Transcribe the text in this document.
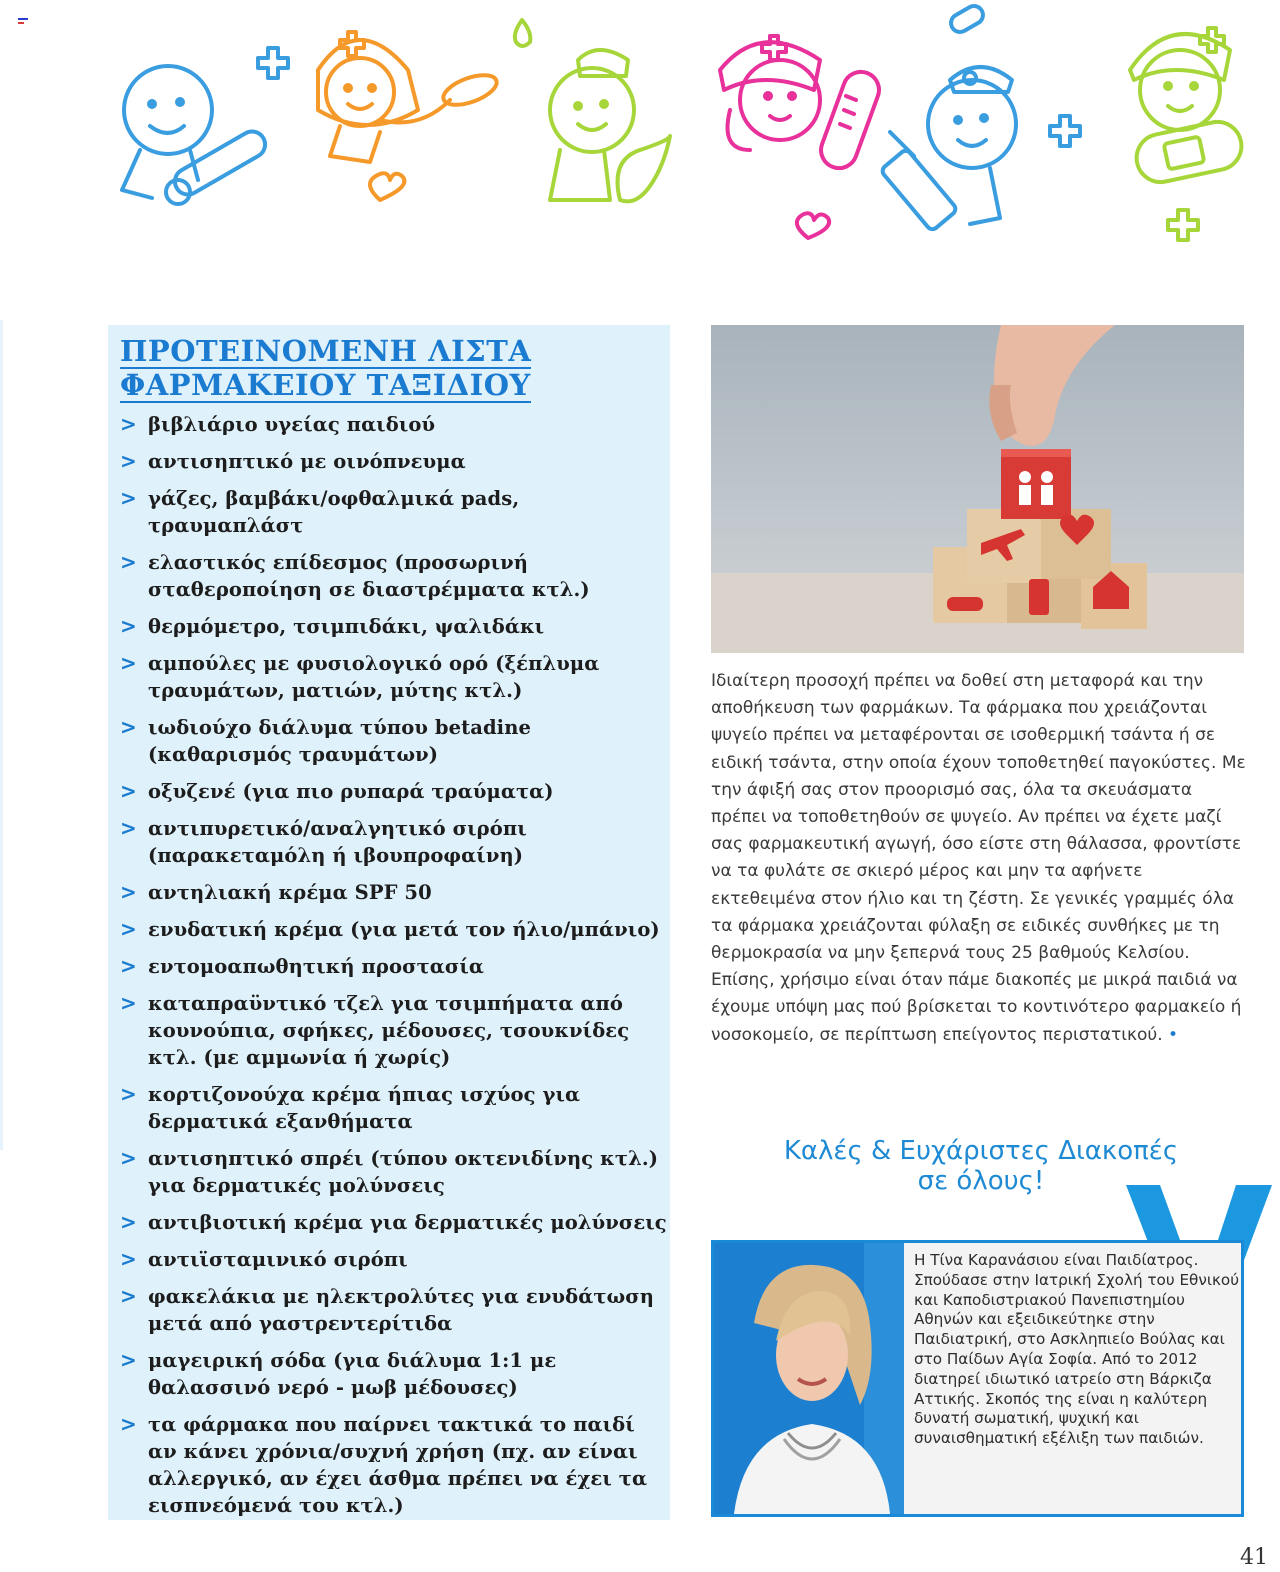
ΠΡΟΤΕΙΝΟΜΕΝΗ ΛΙΣΤΑ
ΦΑΡΜΑΚΕΙΟΥ ΤΑΞΙΔΙΟΥ
> βιβλιάριο υγείας παιδιού
> αντισηπτικό με οινόπνευμα
> γάζες, βαμβάκι/οφθαλμικά pads, τραυμαπλάστ
> ελαστικός επίδεσμος (προσωρινή σταθεροποίηση σε διαστρέμματα κτλ.)
> θερμόμετρο, τσιμπιδάκι, ψαλιδάκι
> αμπούλες με φυσιολογικό ορό (ξέπλυμα τραυμάτων, ματιών, μύτης κτλ.)
> ιωδιούχο διάλυμα τύπου betadine (καθαρισμός τραυμάτων)
> οξυζενέ (για πιο ρυπαρά τραύματα)
> αντιπυρετικό/αναλγητικό σιρόπι (παρακεταμόλη ή ιβουπροφαίνη)
> αντηλιακή κρέμα SPF 50
> ενυδατική κρέμα (για μετά τον ήλιο/μπάνιο)
> εντομοαπωθητική προστασία
> καταπραϋντικό τζελ για τσιμπήματα από κουνούπια, σφήκες, μέδουσες, τσουκνίδες κτλ. (με αμμωνία ή χωρίς)
> κορτιζονούχα κρέμα ήπιας ισχύος για δερματικά εξανθήματα
> αντισηπτικό σπρέι (τύπου οκτενιδίνης κτλ.) για δερματικές μολύνσεις
> αντιβιοτική κρέμα για δερματικές μολύνσεις
> αντιϊσταμινικό σιρόπι
> φακελάκια με ηλεκτρολύτες για ενυδάτωση μετά από γαστρεντερίτιδα
> μαγειρική σόδα (για διάλυμα 1:1 με θαλασσινό νερό - μωβ μέδουσες)
> τα φάρμακα που παίρνει τακτικά το παιδί αν κάνει χρόνια/συχνή χρήση (πχ. αν είναι αλλεργικό, αν έχει άσθμα πρέπει να έχει τα εισπνεόμενά του κτλ.)
Ιδιαίτερη προσοχή πρέπει να δοθεί στη μεταφορά και την αποθήκευση των φαρμάκων. Τα φάρμακα που χρειάζονται ψυγείο πρέπει να μεταφέρονται σε ισοθερμική τσάντα ή σε ειδική τσάντα, στην οποία έχουν τοποθετηθεί παγοκύστες. Με την άφιξή σας στον προορισμό σας, όλα τα σκευάσματα πρέπει να τοποθετηθούν σε ψυγείο. Αν πρέπει να έχετε μαζί σας φαρμακευτική αγωγή, όσο είστε στη θάλασσα, φροντίστε να τα φυλάτε σε σκιερό μέρος και μην τα αφήνετε εκτεθειμένα στον ήλιο και τη ζέστη. Σε γενικές γραμμές όλα τα φάρμακα χρειάζονται φύλαξη σε ειδικές συνθήκες με τη θερμοκρασία να μην ξεπερνά τους 25 βαθμούς Κελσίου.
Επίσης, χρήσιμο είναι όταν πάμε διακοπές με μικρά παιδιά να έχουμε υπόψη μας πού βρίσκεται το κοντινότερο φαρμακείο ή νοσοκομείο, σε περίπτωση επείγοντος περιστατικού. •
Καλές & Ευχάριστες Διακοπές
σε όλους!

Η Τίνα Καρανάσιου είναι Παιδίατρος. Σπούδασε στην Ιατρική Σχολή του Εθνικού και Καποδιστριακού Πανεπιστημίου Αθηνών και εξειδικεύτηκε στην Παιδιατρική, στο Ασκληπιείο Βούλας και στο Παίδων Αγία Σοφία. Από το 2012 διατηρεί ιδιωτικό ιατρείο στη Βάρκιζα Αττικής. Σκοπός της είναι η καλύτερη δυνατή σωματική, ψυχική και συναισθηματική εξέλιξη των παιδιών.

41
